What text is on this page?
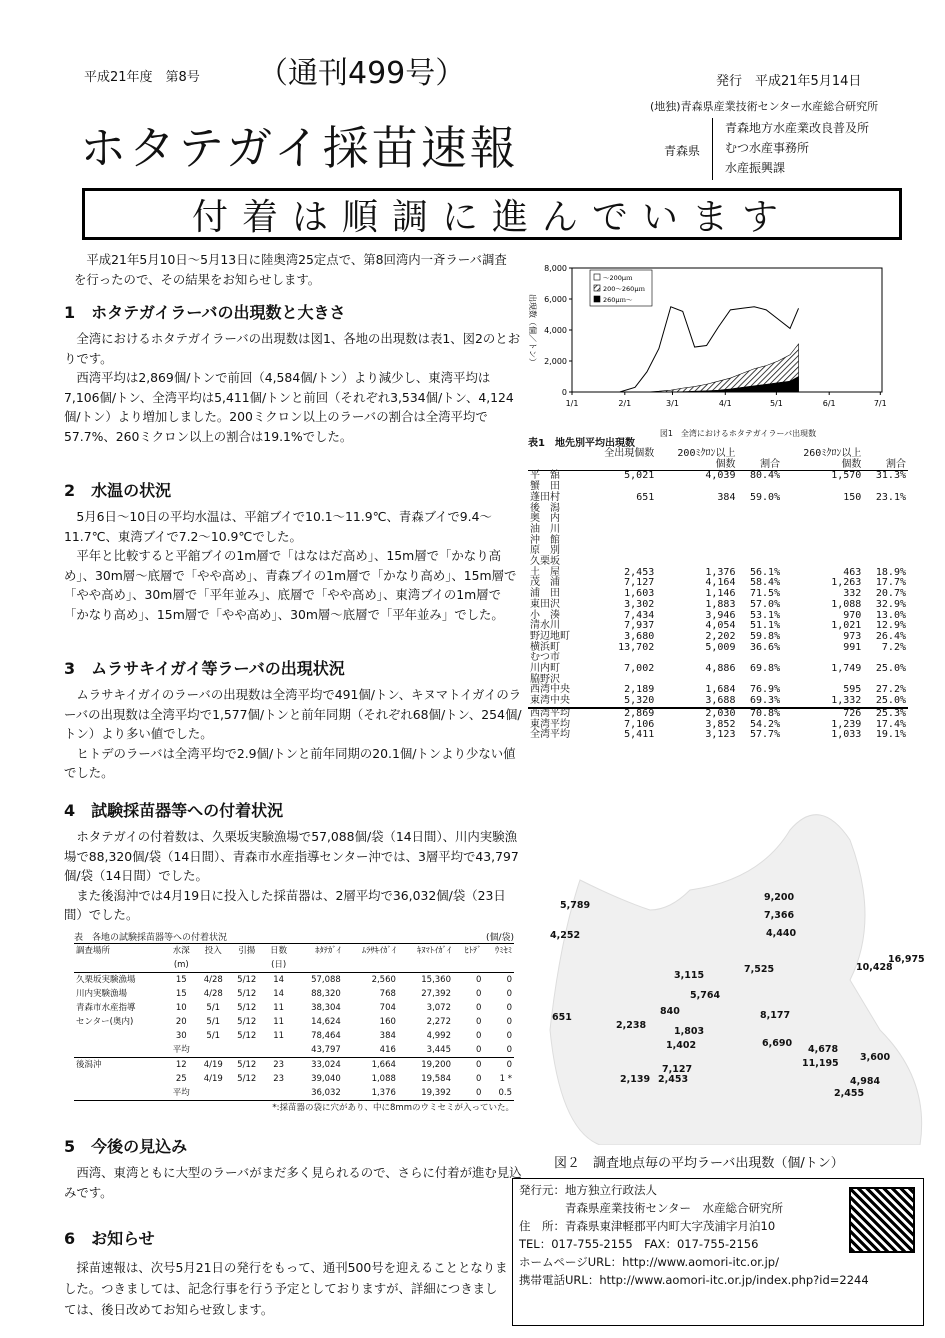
平成21年度　第8号 （通刊499号）	発行　平成21年5月14日
(地独)青森県産業技術センター水産総合研究所
ホタテガイ採苗速報	青森県
青森地方水産業改良普及所
むつ水産事務所
水産振興課
付着は順調に進んでいます

平成21年5月10日～5月13日に陸奥湾25定点で、第8回湾内一斉ラーバ調査を行ったので、その結果をお知らせします。

1　ホタテガイラーバの出現数と大きさ

全湾におけるホタテガイラーバの出現数は図1、各地の出現数は表1、図2のとおりです。

西湾平均は2,869個/トンで前回（4,584個/トン）より減少し、東湾平均は7,106個/トン、全湾平均は5,411個/トンと前回（それぞれ3,534個/トン、4,124個/トン）より増加しました。200ミクロン以上のラーバの割合は全湾平均で57.7%、260ミクロン以上の割合は19.1%でした。

2　水温の状況

5月6日～10日の平均水温は、平舘ブイで10.1～11.9℃、青森ブイで9.4～11.7℃、東湾ブイで7.2～10.9℃でした。

平年と比較すると平舘ブイの1m層で「はなはだ高め」、15m層で「かなり高め」、30m層～底層で「やや高め」、青森ブイの1m層で「かなり高め」、15m層で「やや高め」、30m層で「平年並み」、底層で「やや高め」、東湾ブイの1m層で「かなり高め」、15m層で「やや高め」、30m層～底層で「平年並み」でした。

3　ムラサキイガイ等ラーバの出現状況

ムラサキイガイのラーバの出現数は全湾平均で491個/トン、キヌマトイガイのラーバの出現数は全湾平均で1,577個/トンと前年同期（それぞれ68個/トン、254個/トン）より多い値でした。

ヒトデのラーバは全湾平均で2.9個/トンと前年同期の20.1個/トンより少ない値でした。

4　試験採苗器等への付着状況

ホタテガイの付着数は、久栗坂実験漁場で57,088個/袋（14日間）、川内実験漁場で88,320個/袋（14日間）、青森市水産指導センター沖では、3層平均で43,797個/袋（14日間）でした。

また後潟沖では4月19日に投入した採苗器は、2層平均で36,032個/袋（23日間）でした。

表　各地の試験採苗器等への付着状況	(個/袋)
調査場所	水深	投入	引揚	日数	ﾎﾀﾃｶﾞｲ	ﾑﾗｻｷｲｶﾞｲ	ｷﾇﾏﾄｲｶﾞｲ	ﾋﾄﾃﾞ	ｳﾐｾﾐ
	(m)			(日)					
久栗坂実験漁場	15	4/28	5/12	14	57,088	2,560	15,360	0	0
川内実験漁場	15	4/28	5/12	14	88,320	768	27,392	0	0
青森市水産指導	10	5/1	5/12	11	38,304	704	3,072	0	0
センター(奥内)	20	5/1	5/12	11	14,624	160	2,272	0	0
	30	5/1	5/12	11	78,464	384	4,992	0	0
	平均				43,797	416	3,445	0	0
後潟沖	12	4/19	5/12	23	33,024	1,664	19,200	0	0
	25	4/19	5/12	23	39,040	1,088	19,584	0	1 *
	平均				36,032	1,376	19,392	0	0.5
*:採苗器の袋に穴があり、中に8mmのウミセミが入っていた。
5　今後の見込み

西湾、東湾ともに大型のラーバがまだ多く見られるので、さらに付着が進む見込みです。

6　お知らせ

採苗速報は、次号5月21日の発行をもって、通刊500号を迎えることとなりました。つきましては、記念行事を行う予定としておりますが、詳細につきましては、後日改めてお知らせ致します。

0
2,000
4,000
6,000
8,000
1/1	2/1	3/1	4/1	5/1	6/1	7/1
出現数（個／トン）
～200μｍ
200～260μｍ
260μｍ～
図1　全湾におけるホタテガイラーバ出現数
表1　地先別平均出現数
	全出現個数	200ﾐｸﾛﾝ以上		260ﾐｸﾛﾝ以上	
		個数	割合	個数	割合
平　舘	5,021	4,039	80.4%	1,570	31.3%
蟹　田					
蓬田村	651	384	59.0%	150	23.1%
後　潟					
奥　内					
油　川					
沖　館					
原　別					
久栗坂					
土　屋	2,453	1,376	56.1%	463	18.9%
茂　浦	7,127	4,164	58.4%	1,263	17.7%
浦　田	1,603	1,146	71.5%	332	20.7%
東田沢	3,302	1,883	57.0%	1,088	32.9%
小　湊	7,434	3,946	53.1%	970	13.0%
清水川	7,937	4,054	51.1%	1,021	12.9%
野辺地町	3,680	2,202	59.8%	973	26.4%
横浜町	13,702	5,009	36.6%	991	7.2%
むつ市					
川内町	7,002	4,886	69.8%	1,749	25.0%
脇野沢					
西湾中央	2,189	1,684	76.9%	595	27.2%
東湾中央	5,320	3,688	69.3%	1,332	25.0%
西湾平均	2,869	2,030	70.8%	726	25.3%
東湾平均	7,106	3,852	54.2%	1,239	17.4%
全湾平均	5,411	3,123	57.7%	1,033	19.1%
5,789
4,252
651
9,200
7,366
4,440
16,975
10,428
7,525
3,115
5,764
840
2,238
1,803
1,402
8,177
6,690
4,678
3,600
11,195
7,127
2,139 2,453	4,984
2,455
図２　調査地点毎の平均ラーバ出現数（個/トン）
発行元：地方独立行政法人
　　　　青森県産業技術センター　水産総合研究所
住　所：青森県東津軽郡平内町大字茂浦字月泊10
TEL：017-755-2155　FAX：017-755-2156
ホームページURL：http://www.aomori-itc.or.jp/
携帯電話URL：http://www.aomori-itc.or.jp/index.php?id=2244
